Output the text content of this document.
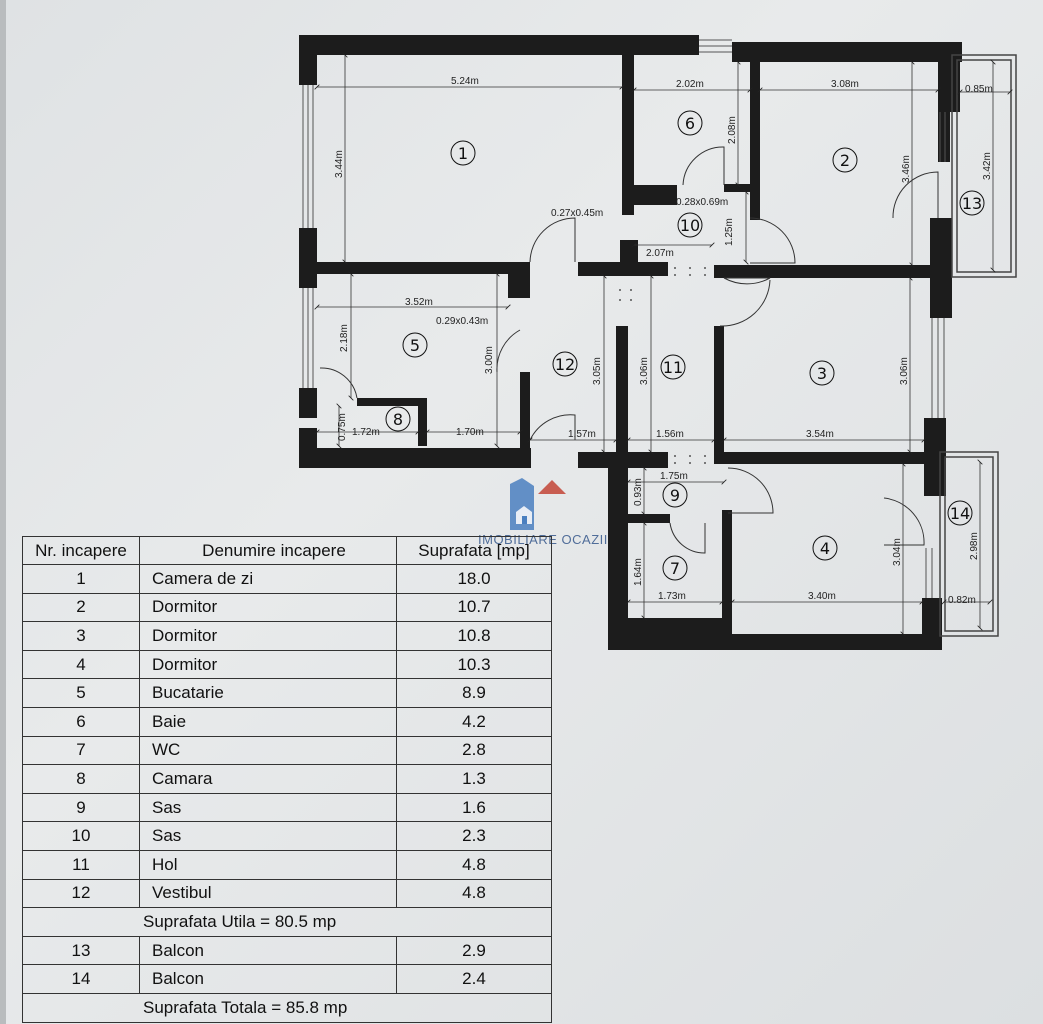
5.24m
3.44m
2.02m
2.08m
3.08m
3.46m
0.85m
3.42m
0.28x0.69m
0.27x0.45m
1.25m
2.07m
3.52m
0.29x0.43m
2.18m
3.00m	3.05m	3.06m	3.06m
0.75m 1.72m	1.70m	1.57m	1.56m	3.54m
1.75m
0.93m
1.64m
1.73m	3.40m
3.04m	2.98m
0.82m
1	2
3
4
5
6
7
8
9
10
11
12
13
14
IMOBILIARE OCAZII
Nr. incapere	Denumire incapere	Suprafata [mp]
1	Camera de zi	18.0
2	Dormitor	10.7
3	Dormitor	10.8
4	Dormitor	10.3
5	Bucatarie	8.9
6	Baie	4.2
7	WC	2.8
8	Camara	1.3
9	Sas	1.6
10	Sas	2.3
11	Hol	4.8
12	Vestibul	4.8
Suprafata Utila = 80.5 mp		
13	Balcon	2.9
14	Balcon	2.4
Suprafata Totala = 85.8 mp		
